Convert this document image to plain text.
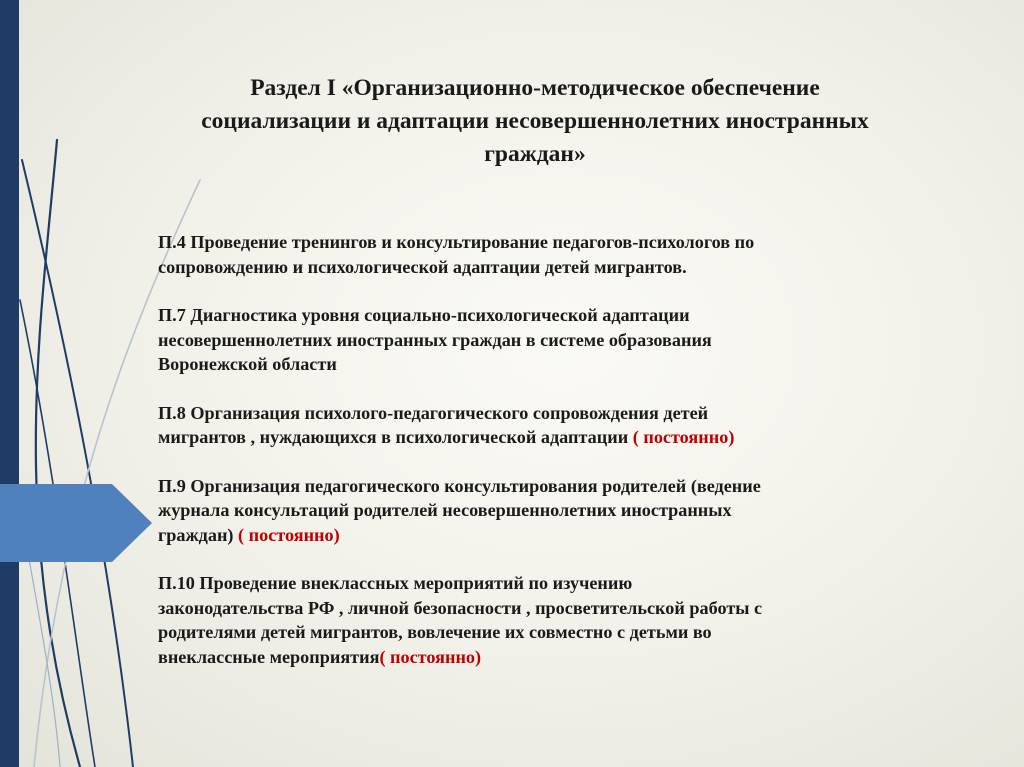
Раздел I «Организационно-методическое обеспечение
социализации и адаптации несовершеннолетних иностранных
граждан»
П.4 Проведение тренингов и консультирование педагогов-психологов по
сопровождению и психологической адаптации детей мигрантов.
П.7 Диагностика уровня социально-психологической адаптации
несовершеннолетних иностранных граждан в системе образования
Воронежской области
П.8 Организация психолого-педагогического сопровождения детей
мигрантов , нуждающихся в психологической адаптации ( постоянно)
П.9 Организация педагогического консультирования родителей (ведение
журнала консультаций родителей несовершеннолетних иностранных
граждан) ( постоянно)
П.10 Проведение внеклассных мероприятий по изучению
законодательства РФ , личной безопасности , просветительской работы с
родителями детей мигрантов, вовлечение их совместно с детьми во
внеклассные мероприятия( постоянно)
